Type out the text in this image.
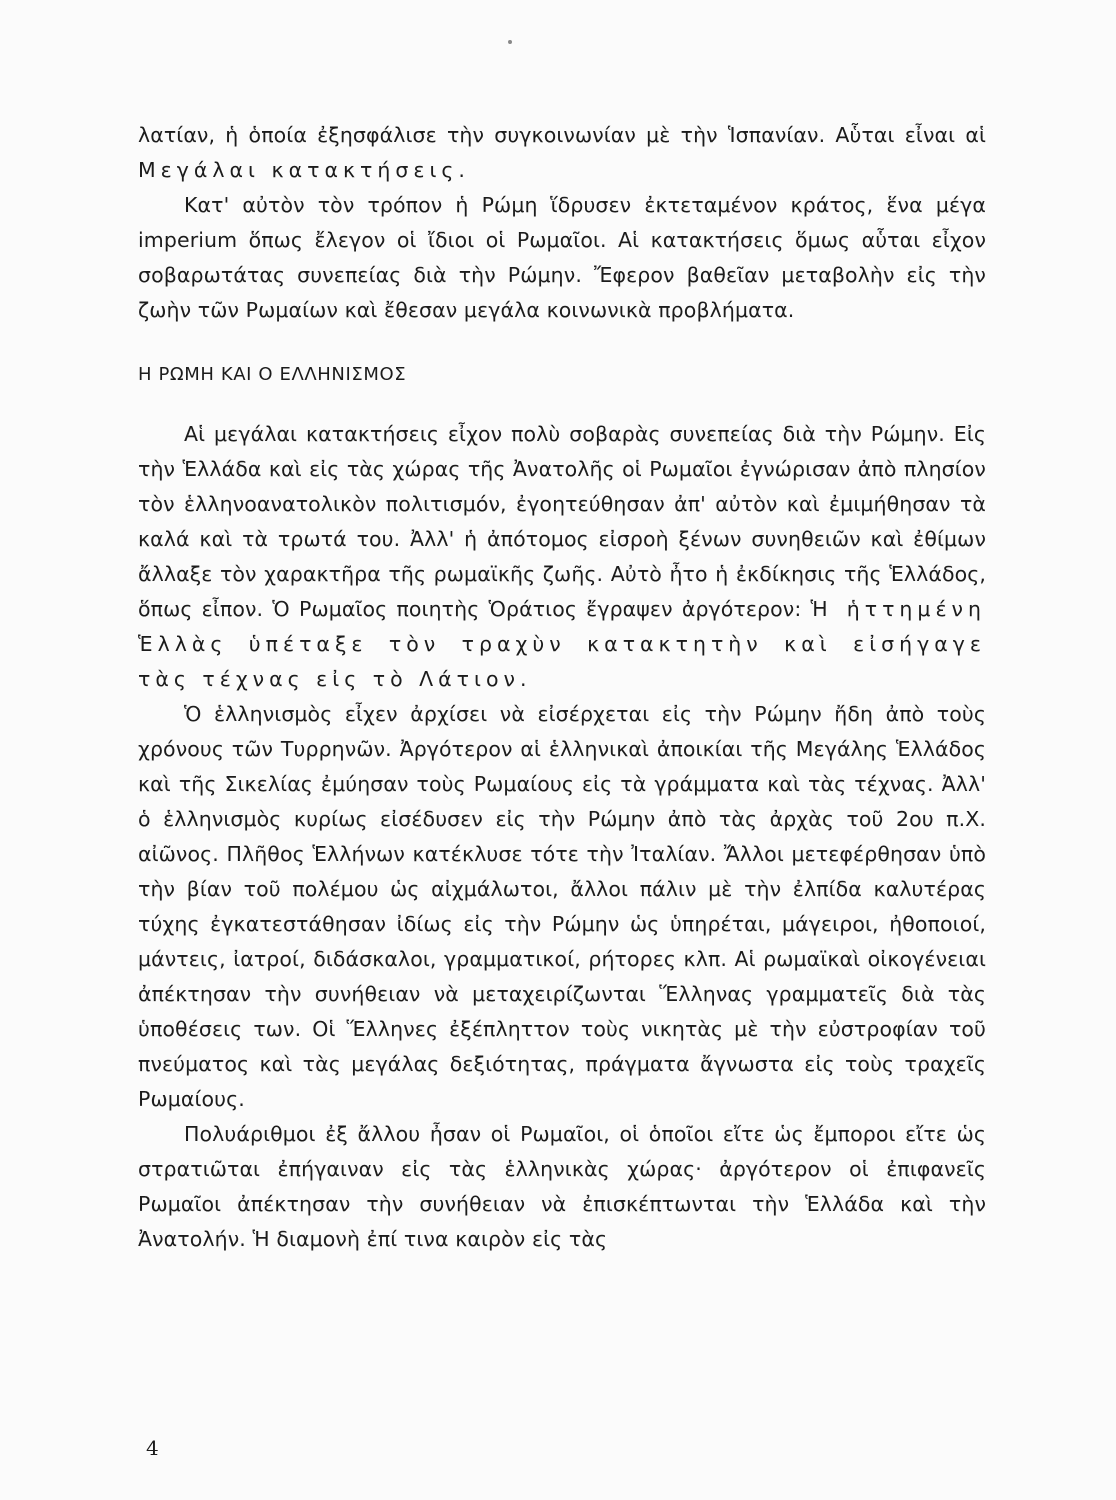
λατίαν, ἡ ὁποία ἐξησφάλισε τὴν συγκοινωνίαν μὲ τὴν Ἱσπανίαν. Αὗται εἶναι αἱ Μεγάλαι κατακτήσεις.

Κατ' αὐτὸν τὸν τρόπον ἡ Ρώμη ἵδρυσεν ἐκτεταμένον κράτος, ἕνα μέγα imperium ὅπως ἔλεγον οἱ ἴδιοι οἱ Ρωμαῖοι. Αἱ κατακτήσεις ὅμως αὗται εἶχον σοβαρωτάτας συνεπείας διὰ τὴν Ρώμην. Ἔφερον βαθεῖαν μεταβολὴν εἰς τὴν ζωὴν τῶν Ρωμαίων καὶ ἔθεσαν μεγάλα κοινωνικὰ προβλήματα.

Η ΡΩΜΗ ΚΑΙ Ο ΕΛΛΗΝΙΣΜΟΣ

Αἱ μεγάλαι κατακτήσεις εἶχον πολὺ σοβαρὰς συνεπείας διὰ τὴν Ρώμην. Εἰς τὴν Ἑλλάδα καὶ εἰς τὰς χώρας τῆς Ἀνατολῆς οἱ Ρωμαῖοι ἐγνώρισαν ἀπὸ πλησίον τὸν ἑλληνοανατολικὸν πολιτισμόν, ἐγοητεύθησαν ἀπ' αὐτὸν καὶ ἐμιμήθησαν τὰ καλά καὶ τὰ τρωτά του. Ἀλλ' ἡ ἀπότομος εἰσροὴ ξένων συνηθειῶν καὶ ἐθίμων ἄλλαξε τὸν χαρακτῆρα τῆς ρωμαϊκῆς ζωῆς. Αὐτὸ ἦτο ἡ ἐκδίκησις τῆς Ἑλλάδος, ὅπως εἶπον. Ὁ Ρωμαῖος ποιητὴς Ὁράτιος ἔγραψεν ἀργότερον: Ἡ ἡττημένη Ἑλλὰς ὑπέταξε τὸν τραχὺν κατακτητὴν καὶ εἰσήγαγε τὰς τέχνας εἰς τὸ Λάτιον.

Ὁ ἑλληνισμὸς εἶχεν ἀρχίσει νὰ εἰσέρχεται εἰς τὴν Ρώμην ἤδη ἀπὸ τοὺς χρόνους τῶν Τυρρηνῶν. Ἀργότερον αἱ ἑλληνικαὶ ἀποικίαι τῆς Μεγάλης Ἑλλάδος καὶ τῆς Σικελίας ἐμύησαν τοὺς Ρωμαίους εἰς τὰ γράμματα καὶ τὰς τέχνας. Ἀλλ' ὁ ἑλληνισμὸς κυρίως εἰσέδυσεν εἰς τὴν Ρώμην ἀπὸ τὰς ἀρχὰς τοῦ 2ου π.Χ. αἰῶνος. Πλῆθος Ἑλλήνων κατέκλυσε τότε τὴν Ἰταλίαν. Ἄλλοι μετεφέρθησαν ὑπὸ τὴν βίαν τοῦ πολέμου ὡς αἰχμάλωτοι, ἄλλοι πάλιν μὲ τὴν ἐλπίδα καλυτέρας τύχης ἐγκατεστάθησαν ἰδίως εἰς τὴν Ρώμην ὡς ὑπηρέται, μάγειροι, ἠθοποιοί, μάντεις, ἰατροί, διδάσκαλοι, γραμματικοί, ρήτορες κλπ. Αἱ ρωμαϊκαὶ οἰκογένειαι ἀπέκτησαν τὴν συνήθειαν νὰ μεταχειρίζωνται Ἕλληνας γραμματεῖς διὰ τὰς ὑποθέσεις των. Οἱ Ἕλληνες ἐξέπληττον τοὺς νικητὰς μὲ τὴν εὐστροφίαν τοῦ πνεύματος καὶ τὰς μεγάλας δεξιότητας, πράγματα ἄγνωστα εἰς τοὺς τραχεῖς Ρωμαίους.

Πολυάριθμοι ἐξ ἄλλου ἦσαν οἱ Ρωμαῖοι, οἱ ὁποῖοι εἴτε ὡς ἔμποροι εἴτε ὡς στρατιῶται ἐπήγαιναν εἰς τὰς ἑλληνικὰς χώρας· ἀργότερον οἱ ἐπιφανεῖς Ρωμαῖοι ἀπέκτησαν τὴν συνήθειαν νὰ ἐπισκέπτωνται τὴν Ἑλλάδα καὶ τὴν Ἀνατολήν. Ἡ διαμονὴ ἐπί τινα καιρὸν εἰς τὰς

4
